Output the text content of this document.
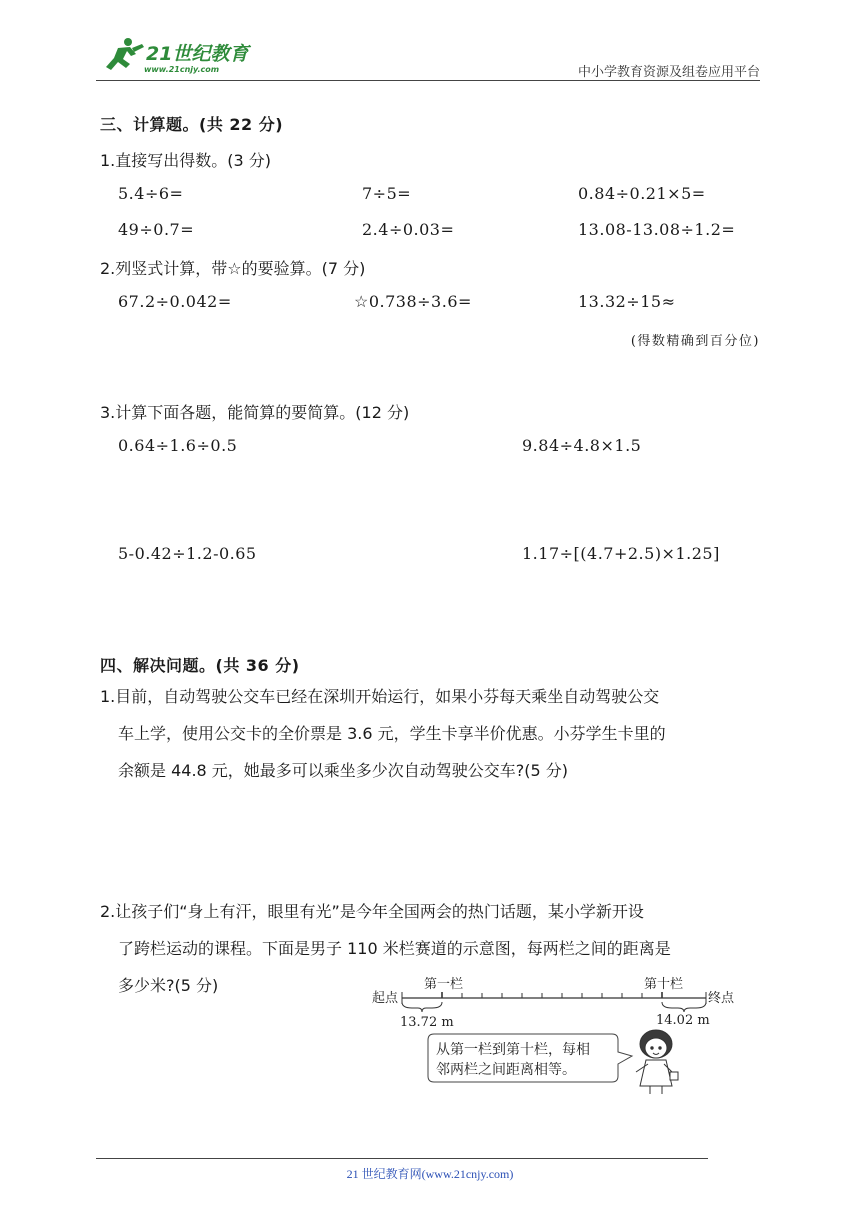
21世纪教育
www.21cnjy.com	中小学教育资源及组卷应用平台
三、计算题。(共 22 分)
1.直接写出得数。(3 分)
5.4÷6=	7÷5=	0.84÷0.21×5=
49÷0.7=	2.4÷0.03=	13.08-13.08÷1.2=
2.列竖式计算，带☆的要验算。(7 分)
67.2÷0.042=	☆0.738÷3.6=	13.32÷15≈
(得数精确到百分位)
3.计算下面各题，能简算的要简算。(12 分)
0.64÷1.6÷0.5	9.84÷4.8×1.5
5-0.42÷1.2-0.65	1.17÷[(4.7+2.5)×1.25]
四、解决问题。(共 36 分)
1.目前，自动驾驶公交车已经在深圳开始运行，如果小芬每天乘坐自动驾驶公交
车上学，使用公交卡的全价票是 3.6 元，学生卡享半价优惠。小芬学生卡里的
余额是 44.8 元，她最多可以乘坐多少次自动驾驶公交车?(5 分)
2.让孩子们“身上有汗，眼里有光”是今年全国两会的热门话题，某小学新开设
了跨栏运动的课程。下面是男子 110 米栏赛道的示意图，每两栏之间的距离是
多少米?(5 分)
起点	终点
第一栏	第十栏
13.72 m	14.02 m
从第一栏到第十栏，每相
邻两栏之间距离相等。
21 世纪教育网(www.21cnjy.com)
